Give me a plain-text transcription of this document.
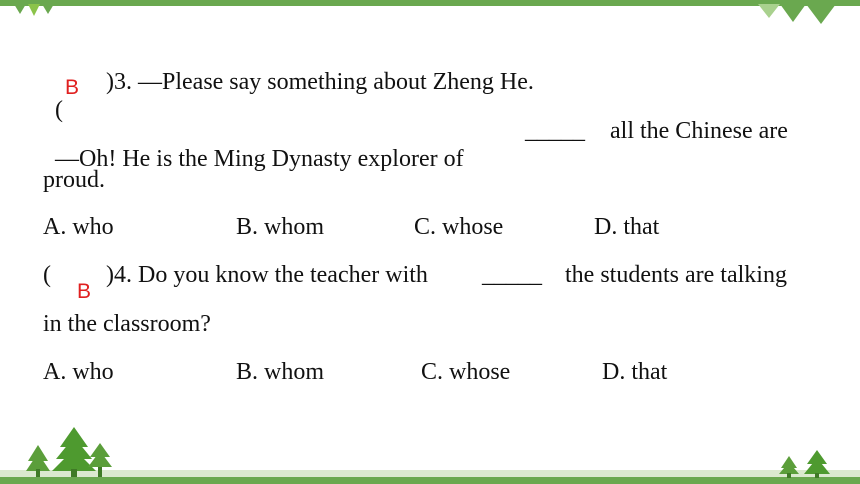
(

B )3. —Please say something about Zheng He.

—Oh! He is the Ming Dynasty explorer of

_____ all the Chinese are
proud.
A. who	B. whom	C. whose	D. that
(
B
)4. Do you know the teacher with _____ the students are talking
in the classroom?
A. who	B. whom	C. whose	D. that
